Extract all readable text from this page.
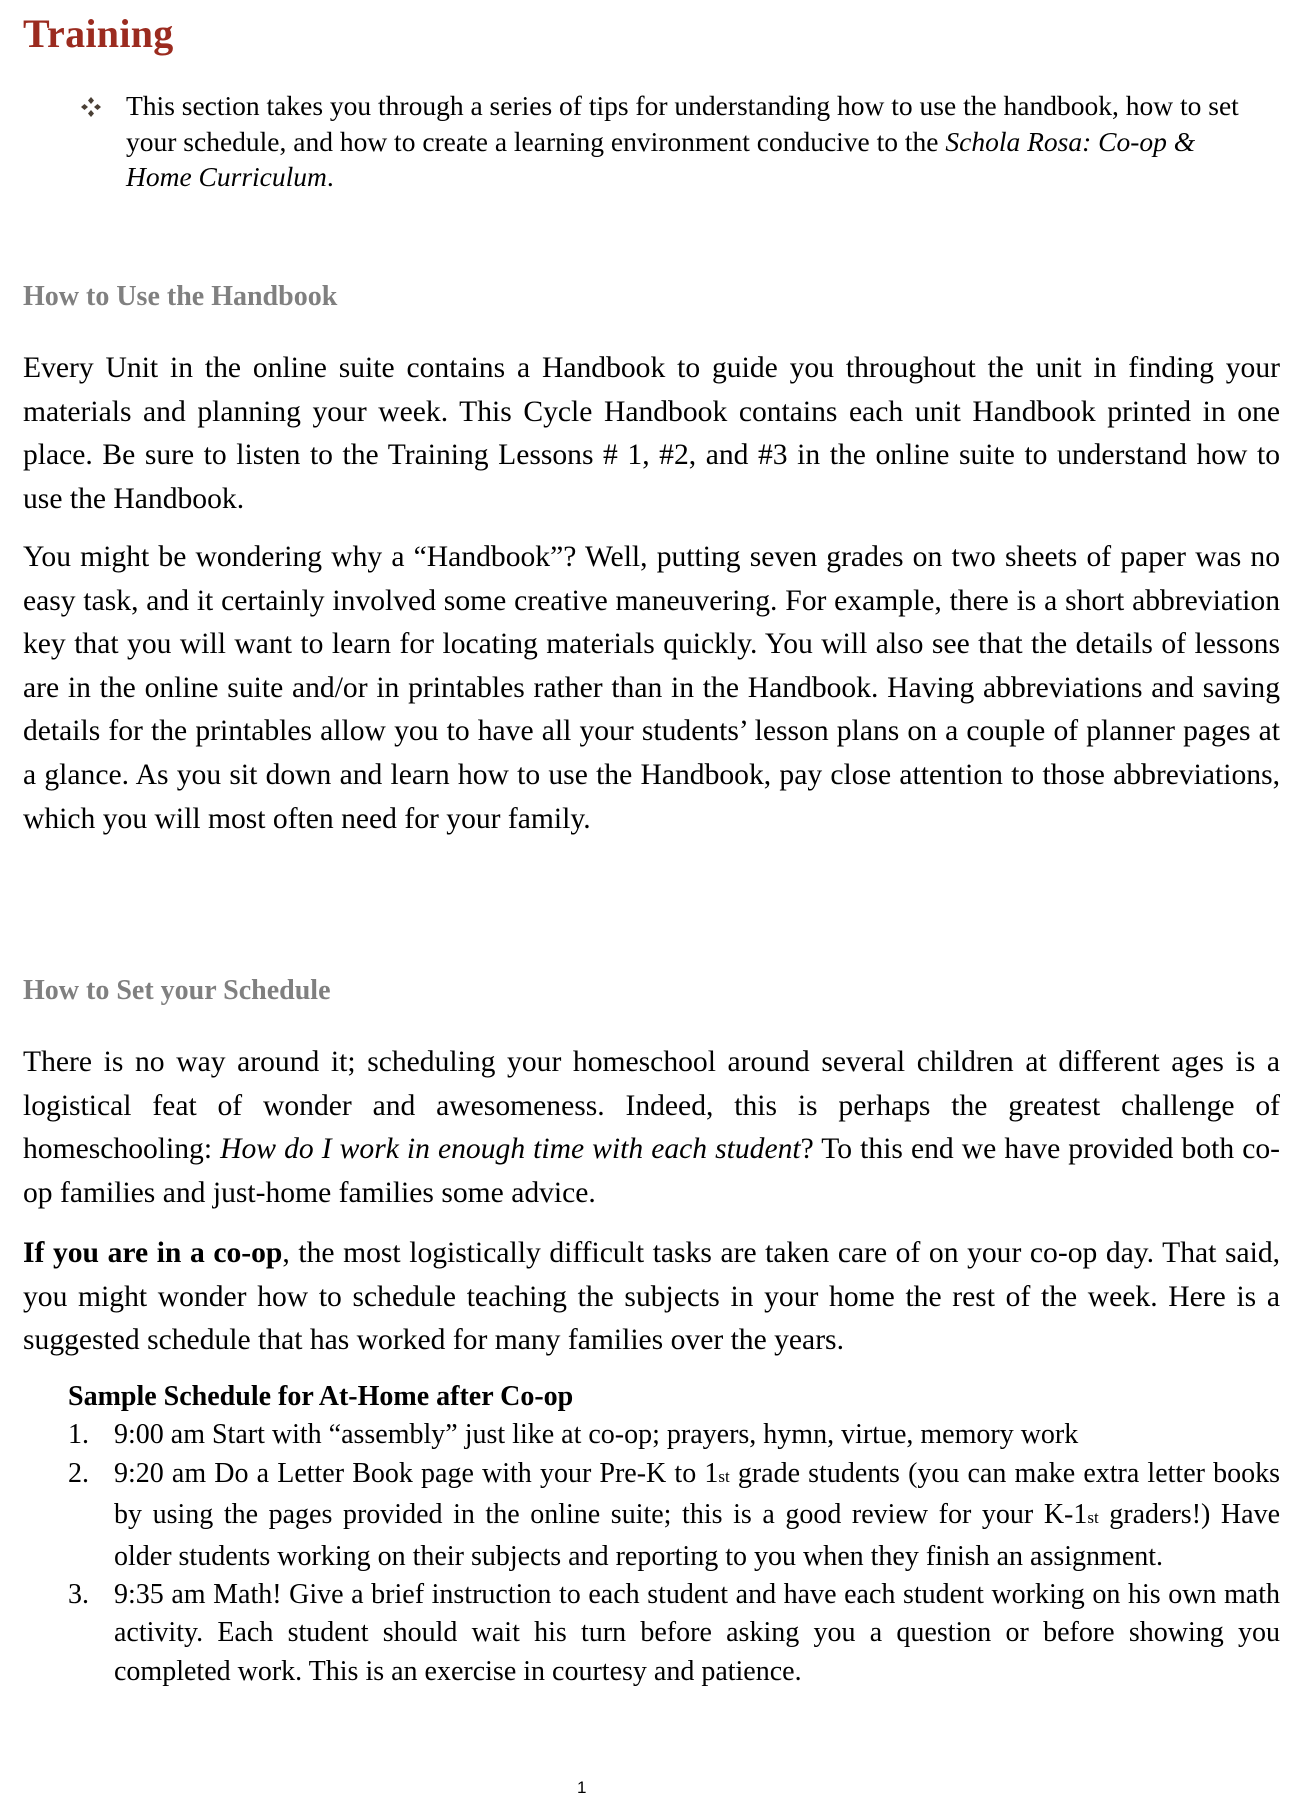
Training
This section takes you through a series of tips for understanding how to use the handbook, how to set your schedule, and how to create a learning environment conducive to the Schola Rosa: Co-op & Home Curriculum.
How to Use the Handbook

Every Unit in the online suite contains a Handbook to guide you throughout the unit in finding your materials and planning your week. This Cycle Handbook contains each unit Handbook printed in one place. Be sure to listen to the Training Lessons # 1, #2, and #3 in the online suite to understand how to use the Handbook.

You might be wondering why a “Handbook”? Well, putting seven grades on two sheets of paper was no easy task, and it certainly involved some creative maneuvering. For example, there is a short abbreviation key that you will want to learn for locating materials quickly. You will also see that the details of lessons are in the online suite and/or in printables rather than in the Handbook. Having abbreviations and saving details for the printables allow you to have all your students’ lesson plans on a couple of planner pages at a glance. As you sit down and learn how to use the Handbook, pay close attention to those abbreviations, which you will most often need for your family.

How to Set your Schedule

There is no way around it; scheduling your homeschool around several children at different ages is a logistical feat of wonder and awesomeness. Indeed, this is perhaps the greatest challenge of homeschooling: How do I work in enough time with each student? To this end we have provided both co-op families and just-home families some advice.

If you are in a co-op, the most logistically difficult tasks are taken care of on your co-op day. That said, you might wonder how to schedule teaching the subjects in your home the rest of the week. Here is a suggested schedule that has worked for many families over the years.

Sample Schedule for At-Home after Co-op
1. 9:00 am Start with “assembly” just like at co-op; prayers, hymn, virtue, memory work
2. 9:20 am Do a Letter Book page with your Pre-K to 1st grade students (you can make extra letter books by using the pages provided in the online suite; this is a good review for your K-1st graders!) Have older students working on their subjects and reporting to you when they finish an assignment.
3. 9:35 am Math! Give a brief instruction to each student and have each student working on his own math activity. Each student should wait his turn before asking you a question or before showing you completed work. This is an exercise in courtesy and patience.
1
